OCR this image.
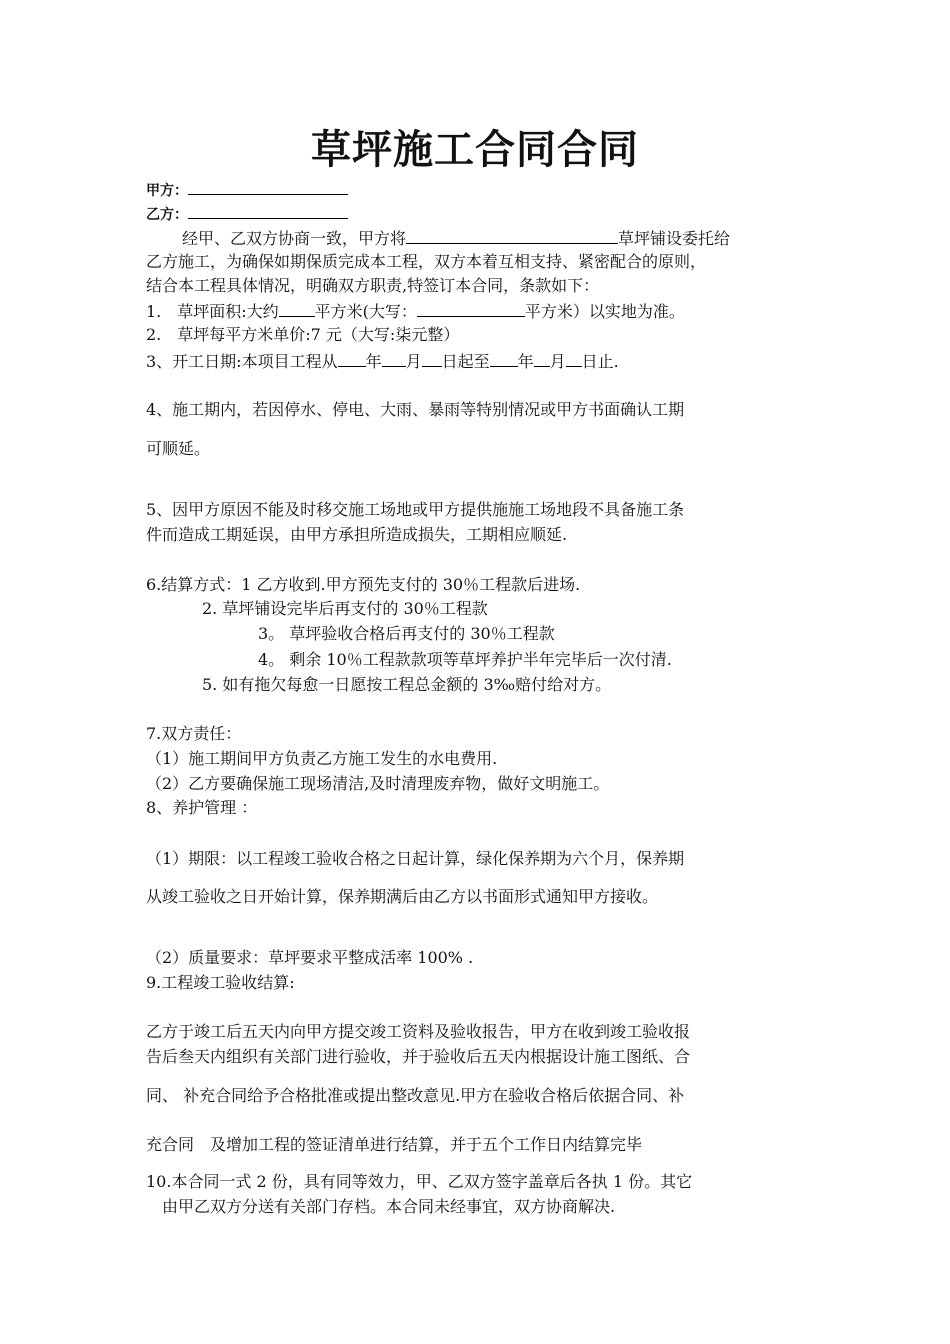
草坪施工合同合同
甲方：
乙方：
经甲、乙双方协商一致，甲方将	草坪铺设委托给
乙方施工，为确保如期保质完成本工程，双方本着互相支持、紧密配合的原则，
结合本工程具体情况，明确双方职责,特签订本合同，条款如下：
1.　草坪面积:大约 平方米(大写：	平方米）以实地为准。
2.　草坪每平方米单价:7 元（大写:柒元整）
3、开工日期:本项目工程从 年 月 日起至 年 月 日止.
4、施工期内，若因停水、停电、大雨、暴雨等特别情况或甲方书面确认工期
可顺延。
5、因甲方原因不能及时移交施工场地或甲方提供施施工场地段不具备施工条
件而造成工期延误，由甲方承担所造成损失，工期相应顺延.
6.结算方式：1 乙方收到.甲方预先支付的 30％工程款后进场.
2. 草坪铺设完毕后再支付的 30％工程款
3。 草坪验收合格后再支付的 30％工程款
4。 剩余 10％工程款款项等草坪养护半年完毕后一次付清.
5. 如有拖欠每愈一日愿按工程总金额的 3‰赔付给对方。
7.双方责任：
（1）施工期间甲方负责乙方施工发生的水电费用.
（2）乙方要确保施工现场清洁,及时清理废弃物，做好文明施工。
8、养护管理 ：
（1）期限：以工程竣工验收合格之日起计算，绿化保养期为六个月，保养期
从竣工验收之日开始计算，保养期满后由乙方以书面形式通知甲方接收。
（2）质量要求：草坪要求平整成活率 100% .
9.工程竣工验收结算:
乙方于竣工后五天内向甲方提交竣工资料及验收报告，甲方在收到竣工验收报
告后叁天内组织有关部门进行验收，并于验收后五天内根据设计施工图纸、合
同、 补充合同给予合格批准或提出整改意见.甲方在验收合格后依据合同、补
充合同　及增加工程的签证清单进行结算，并于五个工作日内结算完毕
10.本合同一式 2 份，具有同等效力，甲、乙双方签字盖章后各执 1 份。其它
　由甲乙双方分送有关部门存档。本合同未经事宜，双方协商解决.
